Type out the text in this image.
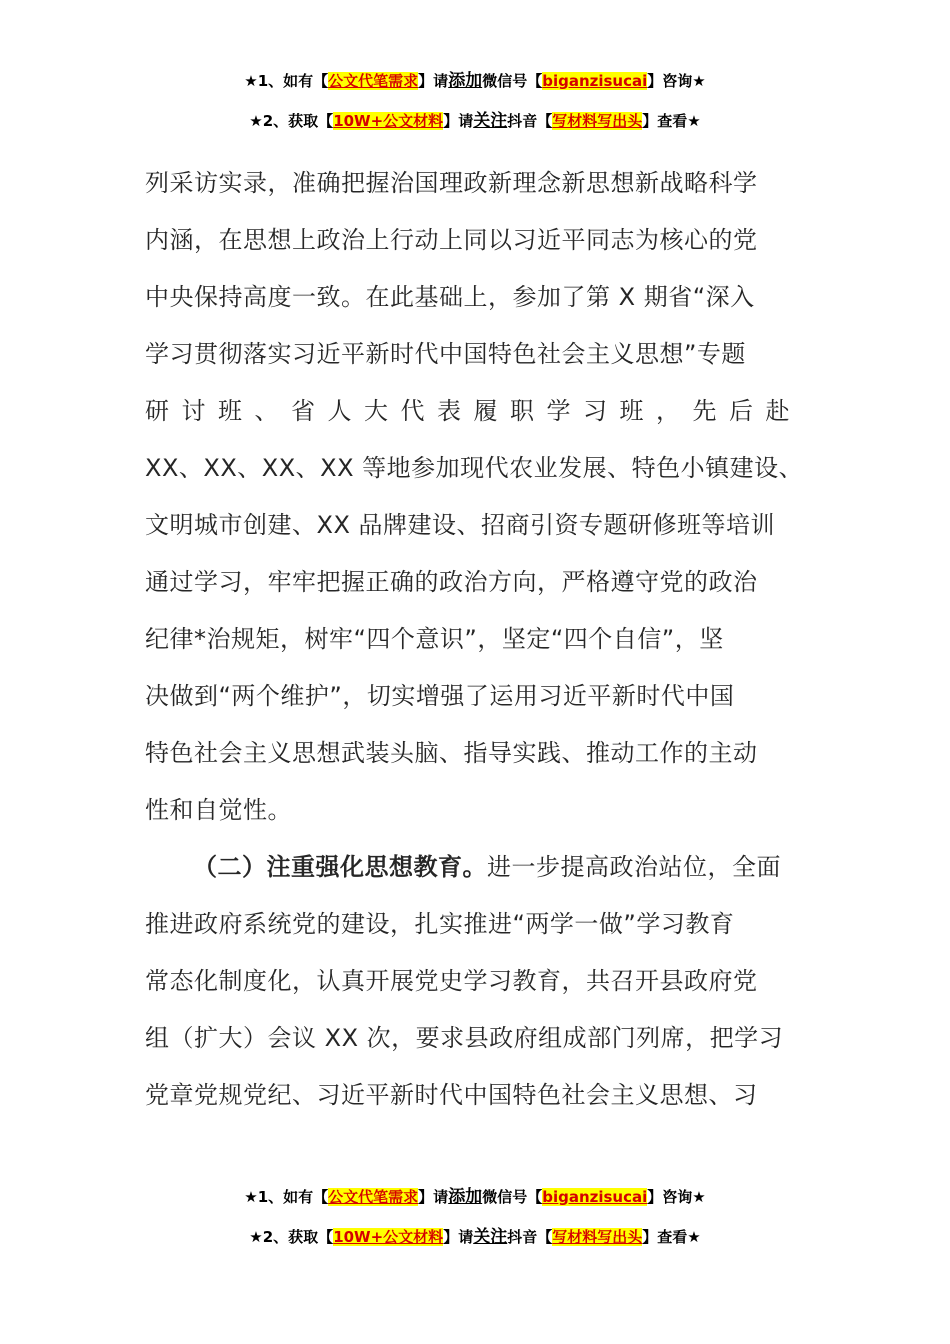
★1、如有【公文代笔需求】请添加微信号【biganzisucai】咨询★
★2、获取【10W+公文材料】请关注抖音【写材料写出头】查看★

列采访实录，准确把握治国理政新理念新思想新战略科学

内涵，在思想上政治上行动上同以习近平同志为核心的党

中央保持高度一致。在此基础上，参加了第 X 期省“深入

学习贯彻落实习近平新时代中国特色社会主义思想”专题

研讨班、省人大代表履职学习班，先后赴

XX、XX、XX、XX 等地参加现代农业发展、特色小镇建设、

文明城市创建、XX 品牌建设、招商引资专题研修班等培训

通过学习，牢牢把握正确的政治方向，严格遵守党的政治

纪律*治规矩，树牢“四个意识”，坚定“四个自信”，坚

决做到“两个维护”，切实增强了运用习近平新时代中国

特色社会主义思想武装头脑、指导实践、推动工作的主动

性和自觉性。

（二）注重强化思想教育。进一步提高政治站位，全面

推进政府系统党的建设，扎实推进“两学一做”学习教育

常态化制度化，认真开展党史学习教育，共召开县政府党

组（扩大）会议 XX 次，要求县政府组成部门列席，把学习

党章党规党纪、习近平新时代中国特色社会主义思想、习

★1、如有【公文代笔需求】请添加微信号【biganzisucai】咨询★
★2、获取【10W+公文材料】请关注抖音【写材料写出头】查看★
